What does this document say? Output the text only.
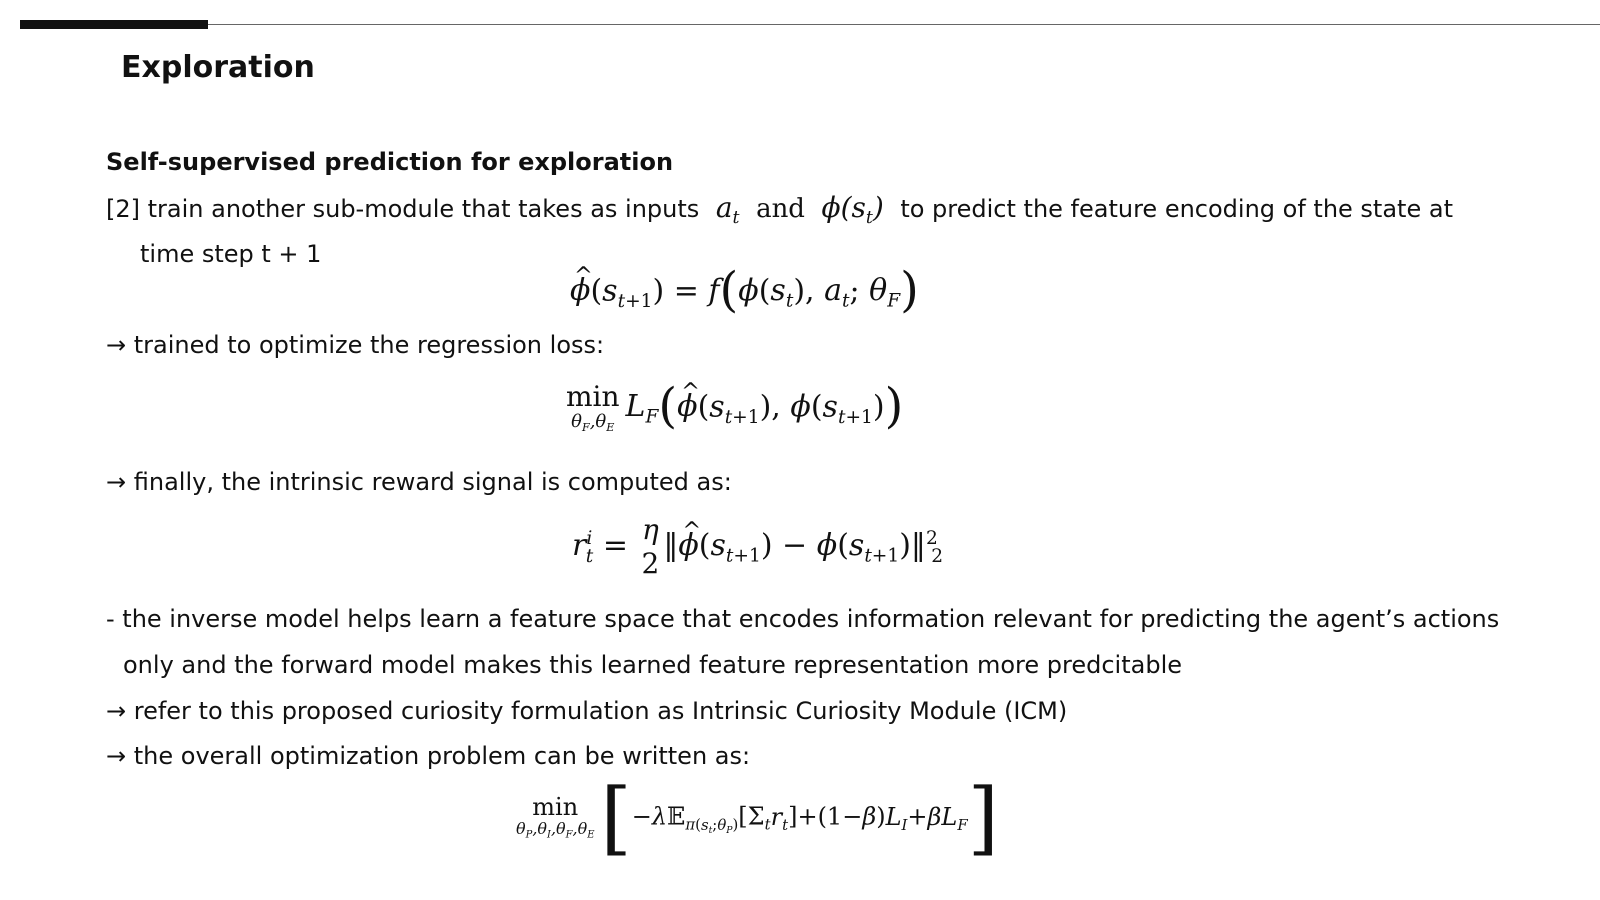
Exploration
Self-supervised prediction for exploration
[2] train another sub-module that takes as inputs  $a_t$ and  $\phi(s_t)$  to predict the feature encoding of the state at
time step t + 1
^ $\phi(s_{t+1}) = f(\phi(s_t)$, $a_t$; $\theta_F$)
→ trained to optimize the regression loss:
min
$\theta_F,\theta_E$
$L_F(\^{}$ $\phi(s_{t+1})$, $\phi(s_{t+1})$)
→ finally, the intrinsic reward signal is computed as:
$r^i_t = \eta$
2
‖^ $\phi(s_{t+1})$ − $\phi(s_{t+1})‖^2_2$
- the inverse model helps learn a feature space that encodes information relevant for predicting the agent’s actions
only and the forward model makes this learned feature representation more predcitable
→ refer to this proposed curiosity formulation as Intrinsic Curiosity Module (ICM)
→ the overall optimization problem can be written as:
min
$\theta_P,\theta_I,\theta_F,\theta_E$ $[-\lambda 𝔼_{\pi(s_t;\theta_P)}[\Sigma_tr_t]+(1-\beta)L_I+\beta L_F]$
